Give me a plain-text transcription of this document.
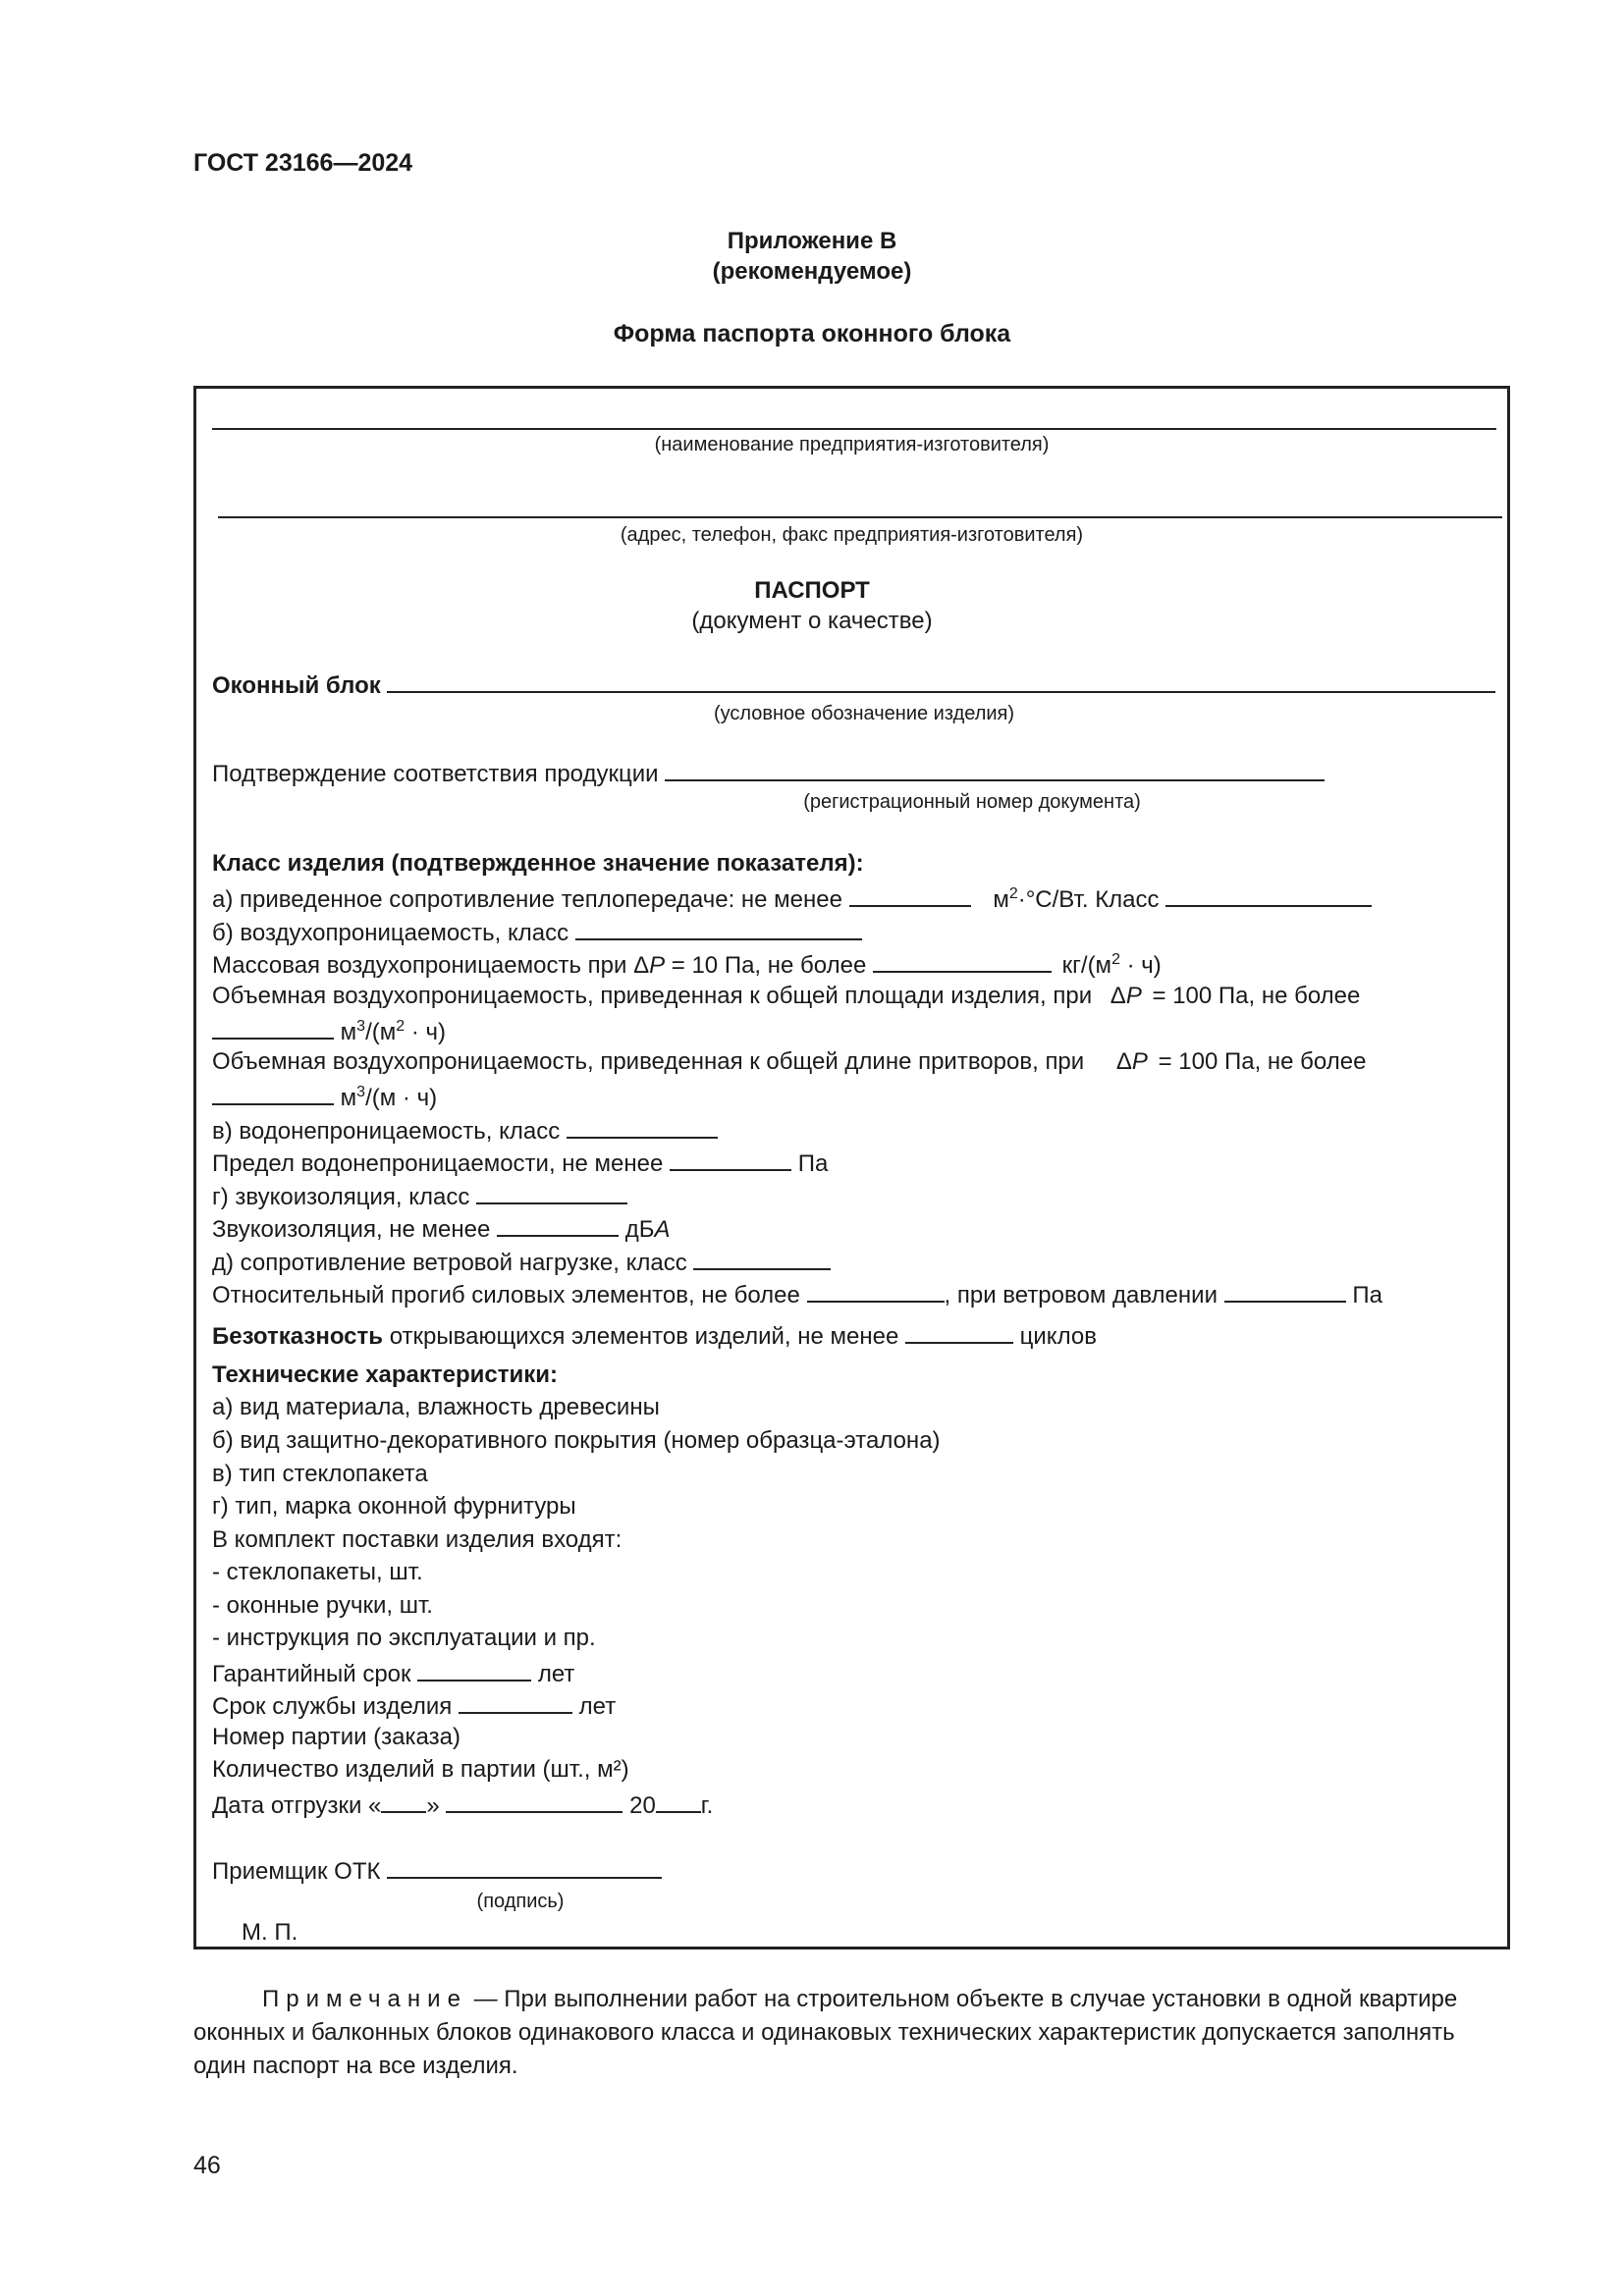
ГОСТ 23166—2024
Приложение В
(рекомендуемое)
Форма паспорта оконного блока
(наименование предприятия-изготовителя)
(адрес, телефон, факс предприятия-изготовителя)
ПАСПОРТ
(документ о качестве)
Оконный блок
(условное обозначение изделия)
Подтверждение соответствия продукции
(регистрационный номер документа)
Класс изделия (подтвержденное значение показателя):
а) приведенное сопротивление теплопередаче: не менее	$м^2\cdot^\circ С/Вт$. Класс
б) воздухопроницаемость, класс
Массовая воздухопроницаемость при ΔP = 10 Па, не более	$кг/(м^2 \cdot ч)$
Объемная воздухопроницаемость, приведенная к общей площади изделия, при ΔP = 100 Па, не более
$м^3/(м^2 \cdot ч)$
Объемная воздухопроницаемость, приведенная к общей длине притворов, при ΔP = 100 Па, не более
$м^3/(м \cdot ч)$
в) водонепроницаемость, класс
Предел водонепроницаемости, не менее	Па
г) звукоизоляция, класс
Звукоизоляция, не менее	дБА
д) сопротивление ветровой нагрузке, класс
Относительный прогиб силовых элементов, не более	, при ветровом давлении	Па
Безотказность открывающихся элементов изделий, не менее	циклов
Технические характеристики:
а) вид материала, влажность древесины
б) вид защитно-декоративного покрытия (номер образца-эталона)
в) тип стеклопакета
г) тип, марка оконной фурнитуры
В комплект поставки изделия входят:
- стеклопакеты, шт.
- оконные ручки, шт.
- инструкция по эксплуатации и пр.
Гарантийный срок	лет
Срок службы изделия	лет
Номер партии (заказа)
Количество изделий в партии (шт., м²)
Дата отгрузки « »	20 г.
Приемщик ОТК
(подпись)
М. П.
Примечание — При выполнении работ на строительном объекте в случае установки в одной квартире
оконных и балконных блоков одинакового класса и одинаковых технических характеристик допускается заполнять
один паспорт на все изделия.
46
